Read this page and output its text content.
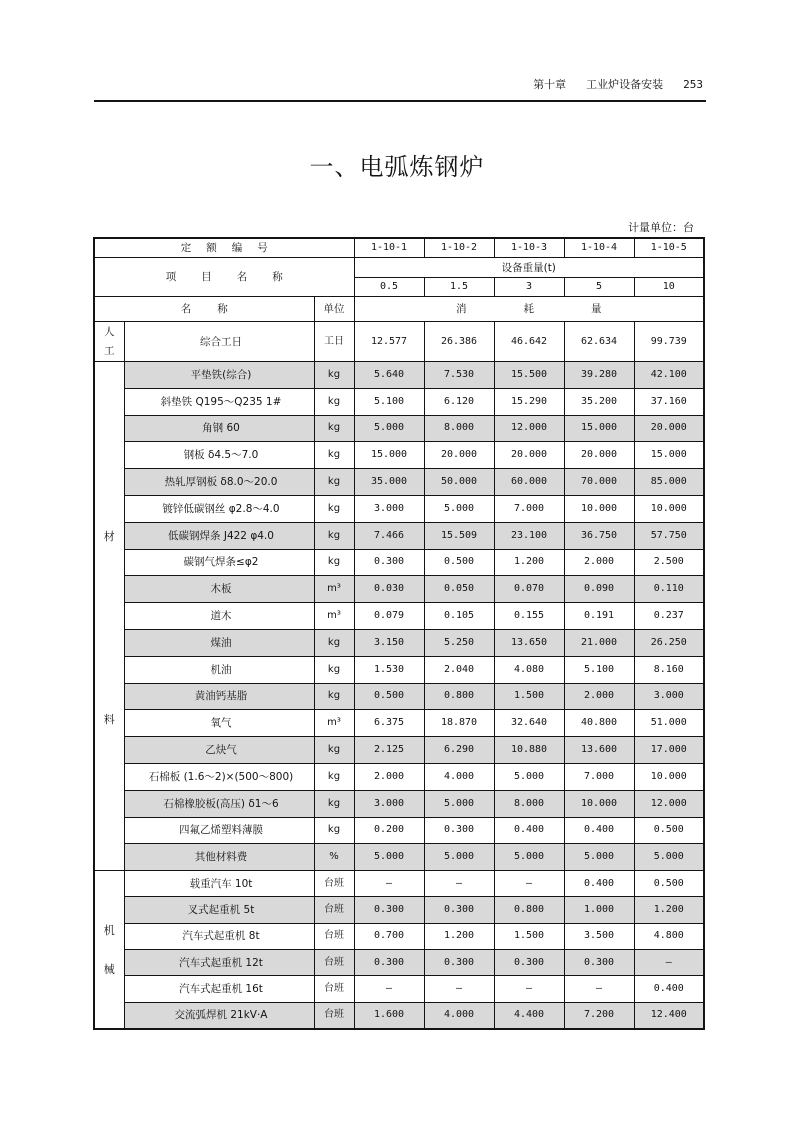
第十章 工业炉设备安装 253
一、电弧炼钢炉
计量单位：台
定额编号			1-10-1	1-10-2	1-10-3	1-10-4	1-10-5
项目名称			设备重量(t)				
			0.5	1.5	3	5	10
名称		单位	消耗量				

人
工	综合工日	工日	12.577	26.386	46.642	62.634	99.739

材
料	平垫铁(综合)	kg	5.640	7.530	15.500	39.280	42.100
	斜垫铁 Q195～Q235 1#	kg	5.100	6.120	15.290	35.200	37.160
	角钢 60	kg	5.000	8.000	12.000	15.000	20.000
	钢板 δ4.5～7.0	kg	15.000	20.000	20.000	20.000	15.000
	热轧厚钢板 δ8.0～20.0	kg	35.000	50.000	60.000	70.000	85.000
	镀锌低碳钢丝 φ2.8～4.0	kg	3.000	5.000	7.000	10.000	10.000
	低碳钢焊条 J422 φ4.0	kg	7.466	15.509	23.100	36.750	57.750
	碳钢气焊条≤φ2	kg	0.300	0.500	1.200	2.000	2.500
	木板	m³	0.030	0.050	0.070	0.090	0.110
	道木	m³	0.079	0.105	0.155	0.191	0.237
	煤油	kg	3.150	5.250	13.650	21.000	26.250
	机油	kg	1.530	2.040	4.080	5.100	8.160
	黄油钙基脂	kg	0.500	0.800	1.500	2.000	3.000
	氧气	m³	6.375	18.870	32.640	40.800	51.000
	乙炔气	kg	2.125	6.290	10.880	13.600	17.000
	石棉板 (1.6～2)×(500～800)	kg	2.000	4.000	5.000	7.000	10.000
	石棉橡胶板(高压) δ1～6	kg	3.000	5.000	8.000	10.000	12.000
	四氟乙烯塑料薄膜	kg	0.200	0.300	0.400	0.400	0.500
	其他材料费	%	5.000	5.000	5.000	5.000	5.000

机
械	载重汽车 10t	台班	—	—	—	0.400	0.500
	叉式起重机 5t	台班	0.300	0.300	0.800	1.000	1.200
	汽车式起重机 8t	台班	0.700	1.200	1.500	3.500	4.800
	汽车式起重机 12t	台班	0.300	0.300	0.300	0.300	—
	汽车式起重机 16t	台班	—	—	—	—	0.400
	交流弧焊机 21kV·A	台班	1.600	4.000	4.400	7.200	12.400
